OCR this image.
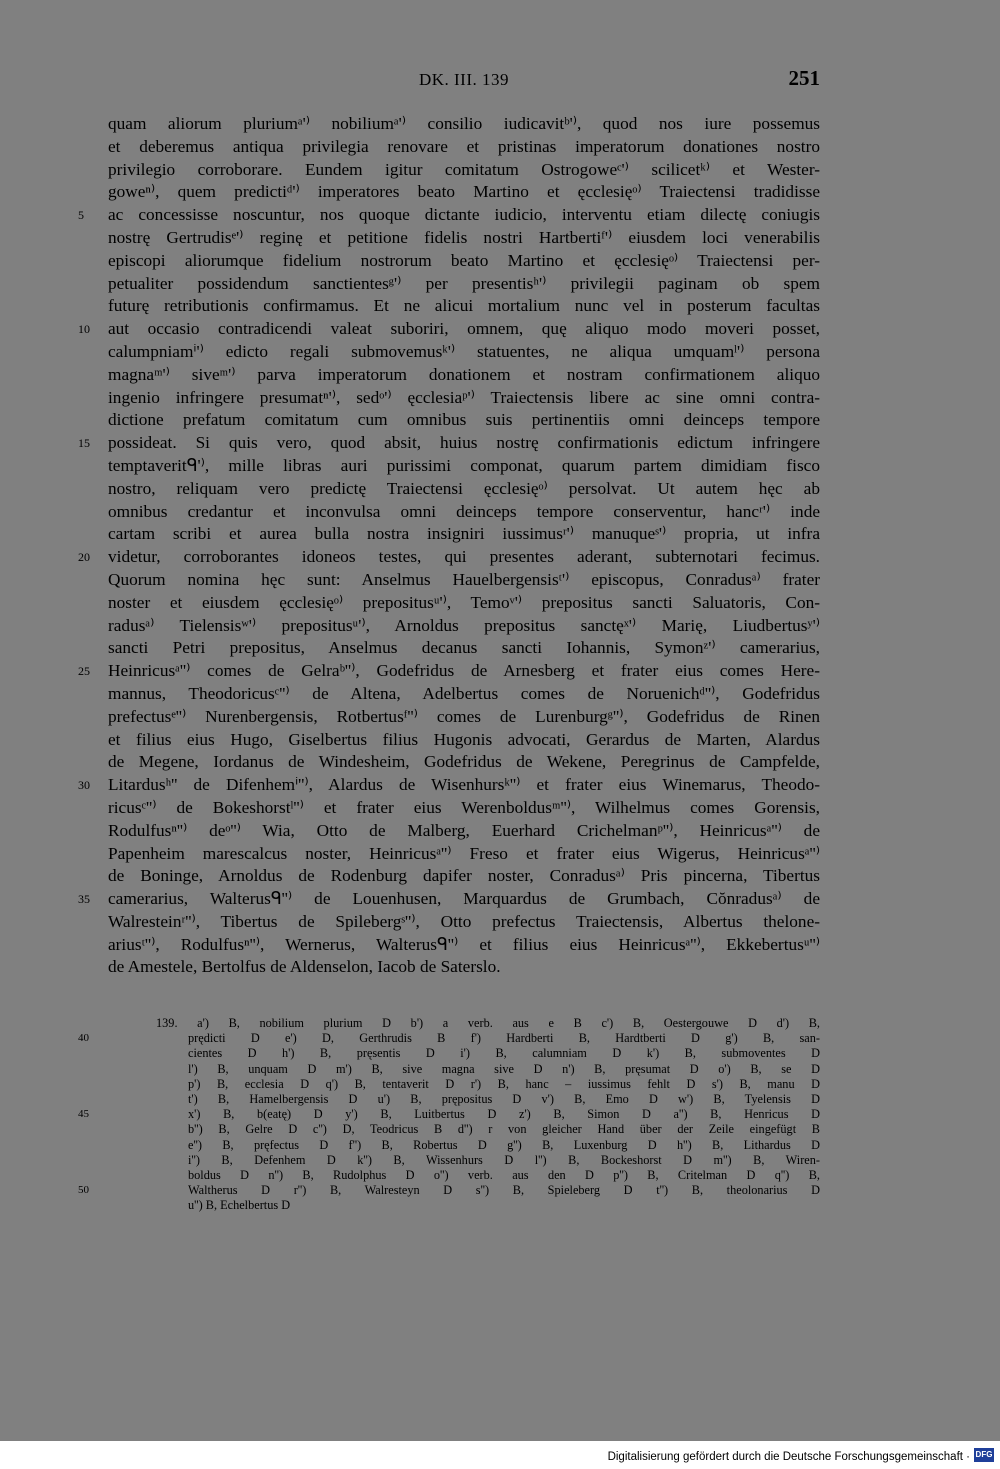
DK. III. 139	251
quam aliorum pluriumᵃ'⁾ nobiliumᵃ'⁾ consilio iudicavitᵇ'⁾, quod nos iure possemus
et deberemus antiqua privilegia renovare et pristinas imperatorum donationes nostro
privilegio corroborare. Eundem igitur comitatum Ostrogoweᶜ'⁾ scilicetᵏ⁾ et Wester-
goweⁿ⁾, quem predictiᵈ'⁾ imperatores beato Martino et ęcclesięᵒ⁾ Traiectensi tradidisse
5	ac concessisse noscuntur, nos quoque dictante iudicio, interventu etiam dilectę coniugis
nostrę Gertrudisᵉ'⁾ reginę et petitione fidelis nostri Hartbertiᶠ'⁾ eiusdem loci venerabilis
episcopi aliorumque fidelium nostrorum beato Martino et ęcclesięᵒ⁾ Traiectensi per-
petualiter possidendum sanctientesᵍ'⁾ per presentisʰ'⁾ privilegii paginam ob spem
futurę retributionis confirmamus. Et ne alicui mortalium nunc vel in posterum facultas
10	aut occasio contradicendi valeat suboriri, omnem, quę aliquo modo moveri posset,
calumpniamⁱ'⁾ edicto regali submovemusᵏ'⁾ statuentes, ne aliqua umquamˡ'⁾ persona
magnaᵐ'⁾ siveᵐ'⁾ parva imperatorum donationem et nostram confirmationem aliquo
ingenio infringere presumatⁿ'⁾, sedᵒ'⁾ ęcclesiaᵖ'⁾ Traiectensis libere ac sine omni contra-
dictione prefatum comitatum cum omnibus suis pertinentiis omni deinceps tempore
15	possideat. Si quis vero, quod absit, huius nostrę confirmationis edictum infringere
temptaveritᑫ'⁾, mille libras auri purissimi componat, quarum partem dimidiam fisco
nostro, reliquam vero predictę Traiectensi ęcclesięᵒ⁾ persolvat. Ut autem hęc ab
omnibus credantur et inconvulsa omni deinceps tempore conserventur, hancʳ'⁾ inde
cartam scribi et aurea bulla nostra insigniri iussimusʳ'⁾ manuqueˢ'⁾ propria, ut infra
20	videtur, corroborantes idoneos testes, qui presentes aderant, subternotari fecimus.
Quorum nomina hęc sunt: Anselmus Hauelbergensisᵗ'⁾ episcopus, Conradusᵃ⁾ frater
noster et eiusdem ęcclesięᵒ⁾ prepositusᵘ'⁾, Temoᵛ'⁾ prepositus sancti Saluatoris, Con-
radusᵃ⁾ Tielensisʷ'⁾ prepositusᵘ'⁾, Arnoldus prepositus sanctęˣ'⁾ Marię, Liudbertusʸ'⁾
sancti Petri prepositus, Anselmus decanus sancti Iohannis, Symonᶻ'⁾ camerarius,
25	Heinricusᵃ''⁾ comes de Gelraᵇ''⁾, Godefridus de Arnesberg et frater eius comes Here-
mannus, Theodoricusᶜ''⁾ de Altena, Adelbertus comes de Noruenichᵈ''⁾, Godefridus
prefectusᵉ''⁾ Nurenbergensis, Rotbertusᶠ''⁾ comes de Lurenburgᵍ''⁾, Godefridus de Rinen
et filius eius Hugo, Giselbertus filius Hugonis advocati, Gerardus de Marten, Alardus
de Megene, Iordanus de Windesheim, Godefridus de Wekene, Peregrinus de Campfelde,
30	Litardusʰ'' de Difenhemⁱ''⁾, Alardus de Wisenhursᵏ''⁾ et frater eius Winemarus, Theodo-
ricusᶜ''⁾ de Bokeshorstˡ''⁾ et frater eius Werenboldusᵐ''⁾, Wilhelmus comes Gorensis,
Rodulfusⁿ''⁾ deᵒ''⁾ Wia, Otto de Malberg, Euerhard Crichelmanᵖ''⁾, Heinricusᵃ''⁾ de
Papenheim marescalcus noster, Heinricusᵃ''⁾ Freso et frater eius Wigerus, Heinricusᵃ''⁾
de Boninge, Arnoldus de Rodenburg dapifer noster, Conradusᵃ⁾ Pris pincerna, Tibertus
35	camerarius, Walterusᑫ''⁾ de Louenhusen, Marquardus de Grumbach, Cŏnradusᵃ⁾ de
Walresteinʳ''⁾, Tibertus de Spilebergˢ''⁾, Otto prefectus Traiectensis, Albertus thelone-
ariusᵗ''⁾, Rodulfusⁿ''⁾, Wernerus, Walterusᑫ''⁾ et filius eius Heinricusᵃ''⁾, Ekkebertusᵘ''⁾
de Amestele, Bertolfus de Aldenselon, Iacob de Saterslo.
139. a') B, nobilium plurium D b') a verb. aus e B c') B, Oestergouwe D d') B,
40	prędicti D e') D, Gerthrudis B f') Hardberti B, Hardtberti D g') B, san-
cientes D h') B, pręsentis D i') B, calumniam D k') B, submoventes D
l') B, unquam D m') B, sive magna sive D n') B, pręsumat D o') B, se D
p') B, ecclesia D q') B, tentaverit D r') B, hanc – iussimus fehlt D s') B, manu D
t') B, Hamelbergensis D u') B, prępositus D v') B, Emo D w') B, Tyelensis D
45	x') B, b(eatę) D y') B, Luitbertus D z') B, Simon D a'') B, Henricus D
b'') B, Gelre D c'') D, Teodricus B d'') r von gleicher Hand über der Zeile eingefügt B
e'') B, pręfectus D f'') B, Robertus D g'') B, Luxenburg D h'') B, Lithardus D
i'') B, Defenhem D k'') B, Wissenhurs D l'') B, Bockeshorst D m'') B, Wiren-
boldus D n'') B, Rudolphus D o'') verb. aus den D p'') B, Critelman D q'') B,
50	Waltherus D r'') B, Walresteyn D s'') B, Spieleberg D t'') B, theolonarius D
u'') B, Echelbertus D
Digitalisierung gefördert durch die Deutsche Forschungsgemeinschaft · DFG
